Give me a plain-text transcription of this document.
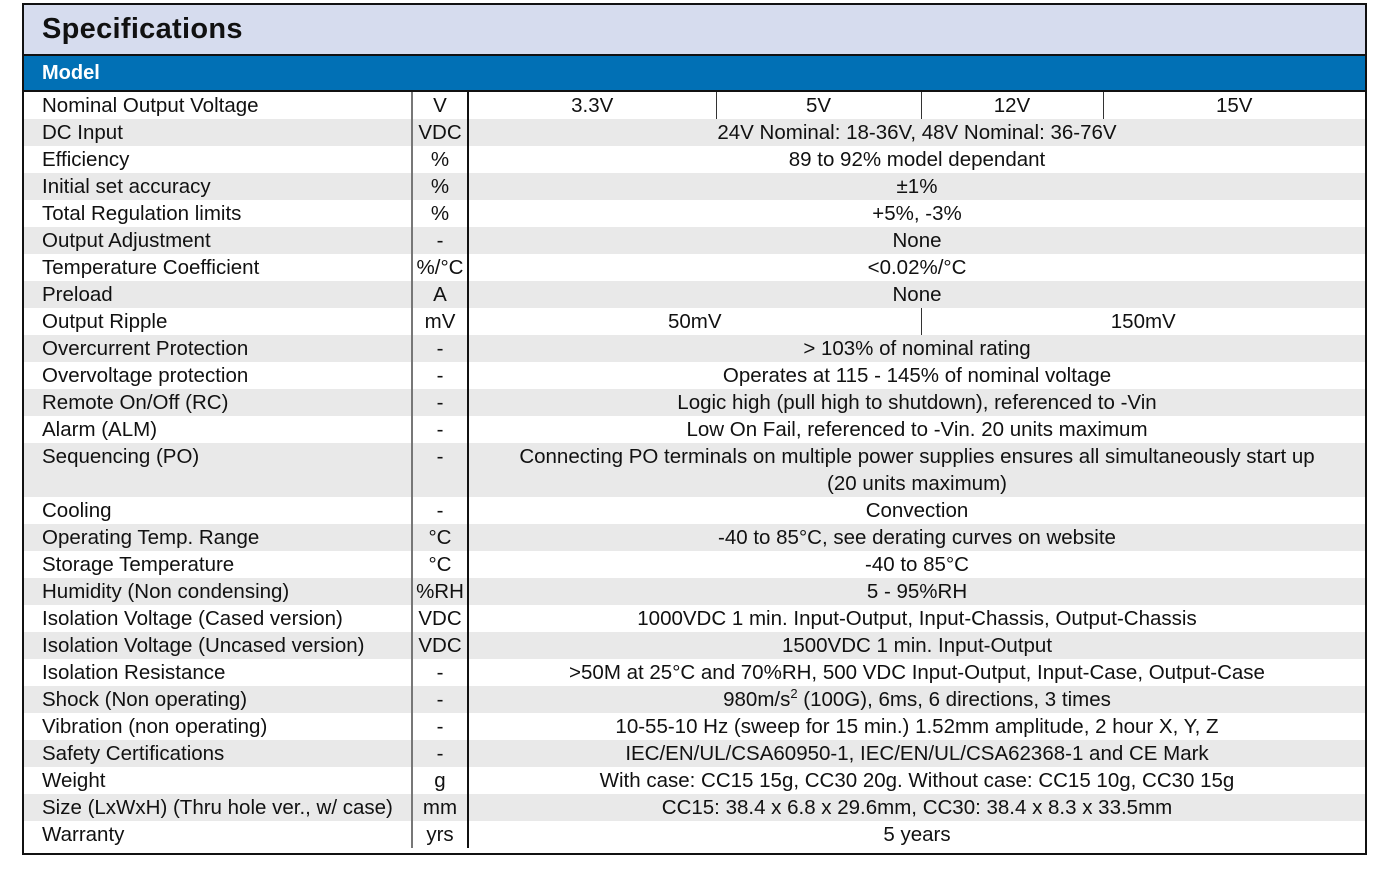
Specifications
Model
Nominal Output Voltage	V	3.3V	5V	12V	15V
DC Input	VDC	24V Nominal: 18-36V, 48V Nominal: 36-76V			
Efficiency	%	89 to 92% model dependant			
Initial set accuracy	%	±1%			
Total Regulation limits	%	+5%, -3%			
Output Adjustment	-	None			
Temperature Coefficient	%/°C	<0.02%/°C			
Preload	A	None			
Output Ripple	mV	50mV		150mV	
Overcurrent Protection	-	> 103% of nominal rating			
Overvoltage protection	-	Operates at 115 - 145% of nominal voltage			
Remote On/Off (RC)	-	Logic high (pull high to shutdown), referenced to -Vin			
Alarm (ALM)	-	Low On Fail, referenced to -Vin. 20 units maximum			
Sequencing (PO)	-	Connecting PO terminals on multiple power supplies ensures all simultaneously start up (20 units maximum)			
Cooling	-	Convection			
Operating Temp. Range	°C	-40 to 85°C, see derating curves on website			
Storage Temperature	°C	-40 to 85°C			
Humidity (Non condensing)	%RH	5 - 95%RH			
Isolation Voltage (Cased version)	VDC	1000VDC 1 min. Input-Output, Input-Chassis, Output-Chassis			
Isolation Voltage (Uncased version)	VDC	1500VDC 1 min. Input-Output			
Isolation Resistance	-	>50M at 25°C and 70%RH, 500 VDC Input-Output, Input-Case, Output-Case			
Shock (Non operating)	-	$980m/s^2$ (100G), 6ms, 6 directions, 3 times			
Vibration (non operating)	-	10-55-10 Hz (sweep for 15 min.) 1.52mm amplitude, 2 hour X, Y, Z			
Safety Certifications	-	IEC/EN/UL/CSA60950-1, IEC/EN/UL/CSA62368-1 and CE Mark			
Weight	g	With case: CC15 15g, CC30 20g. Without case: CC15 10g, CC30 15g			
Size (LxWxH) (Thru hole ver., w/ case)	mm	CC15: 38.4 x 6.8 x 29.6mm, CC30: 38.4 x 8.3 x 33.5mm			
Warranty	yrs	5 years			
